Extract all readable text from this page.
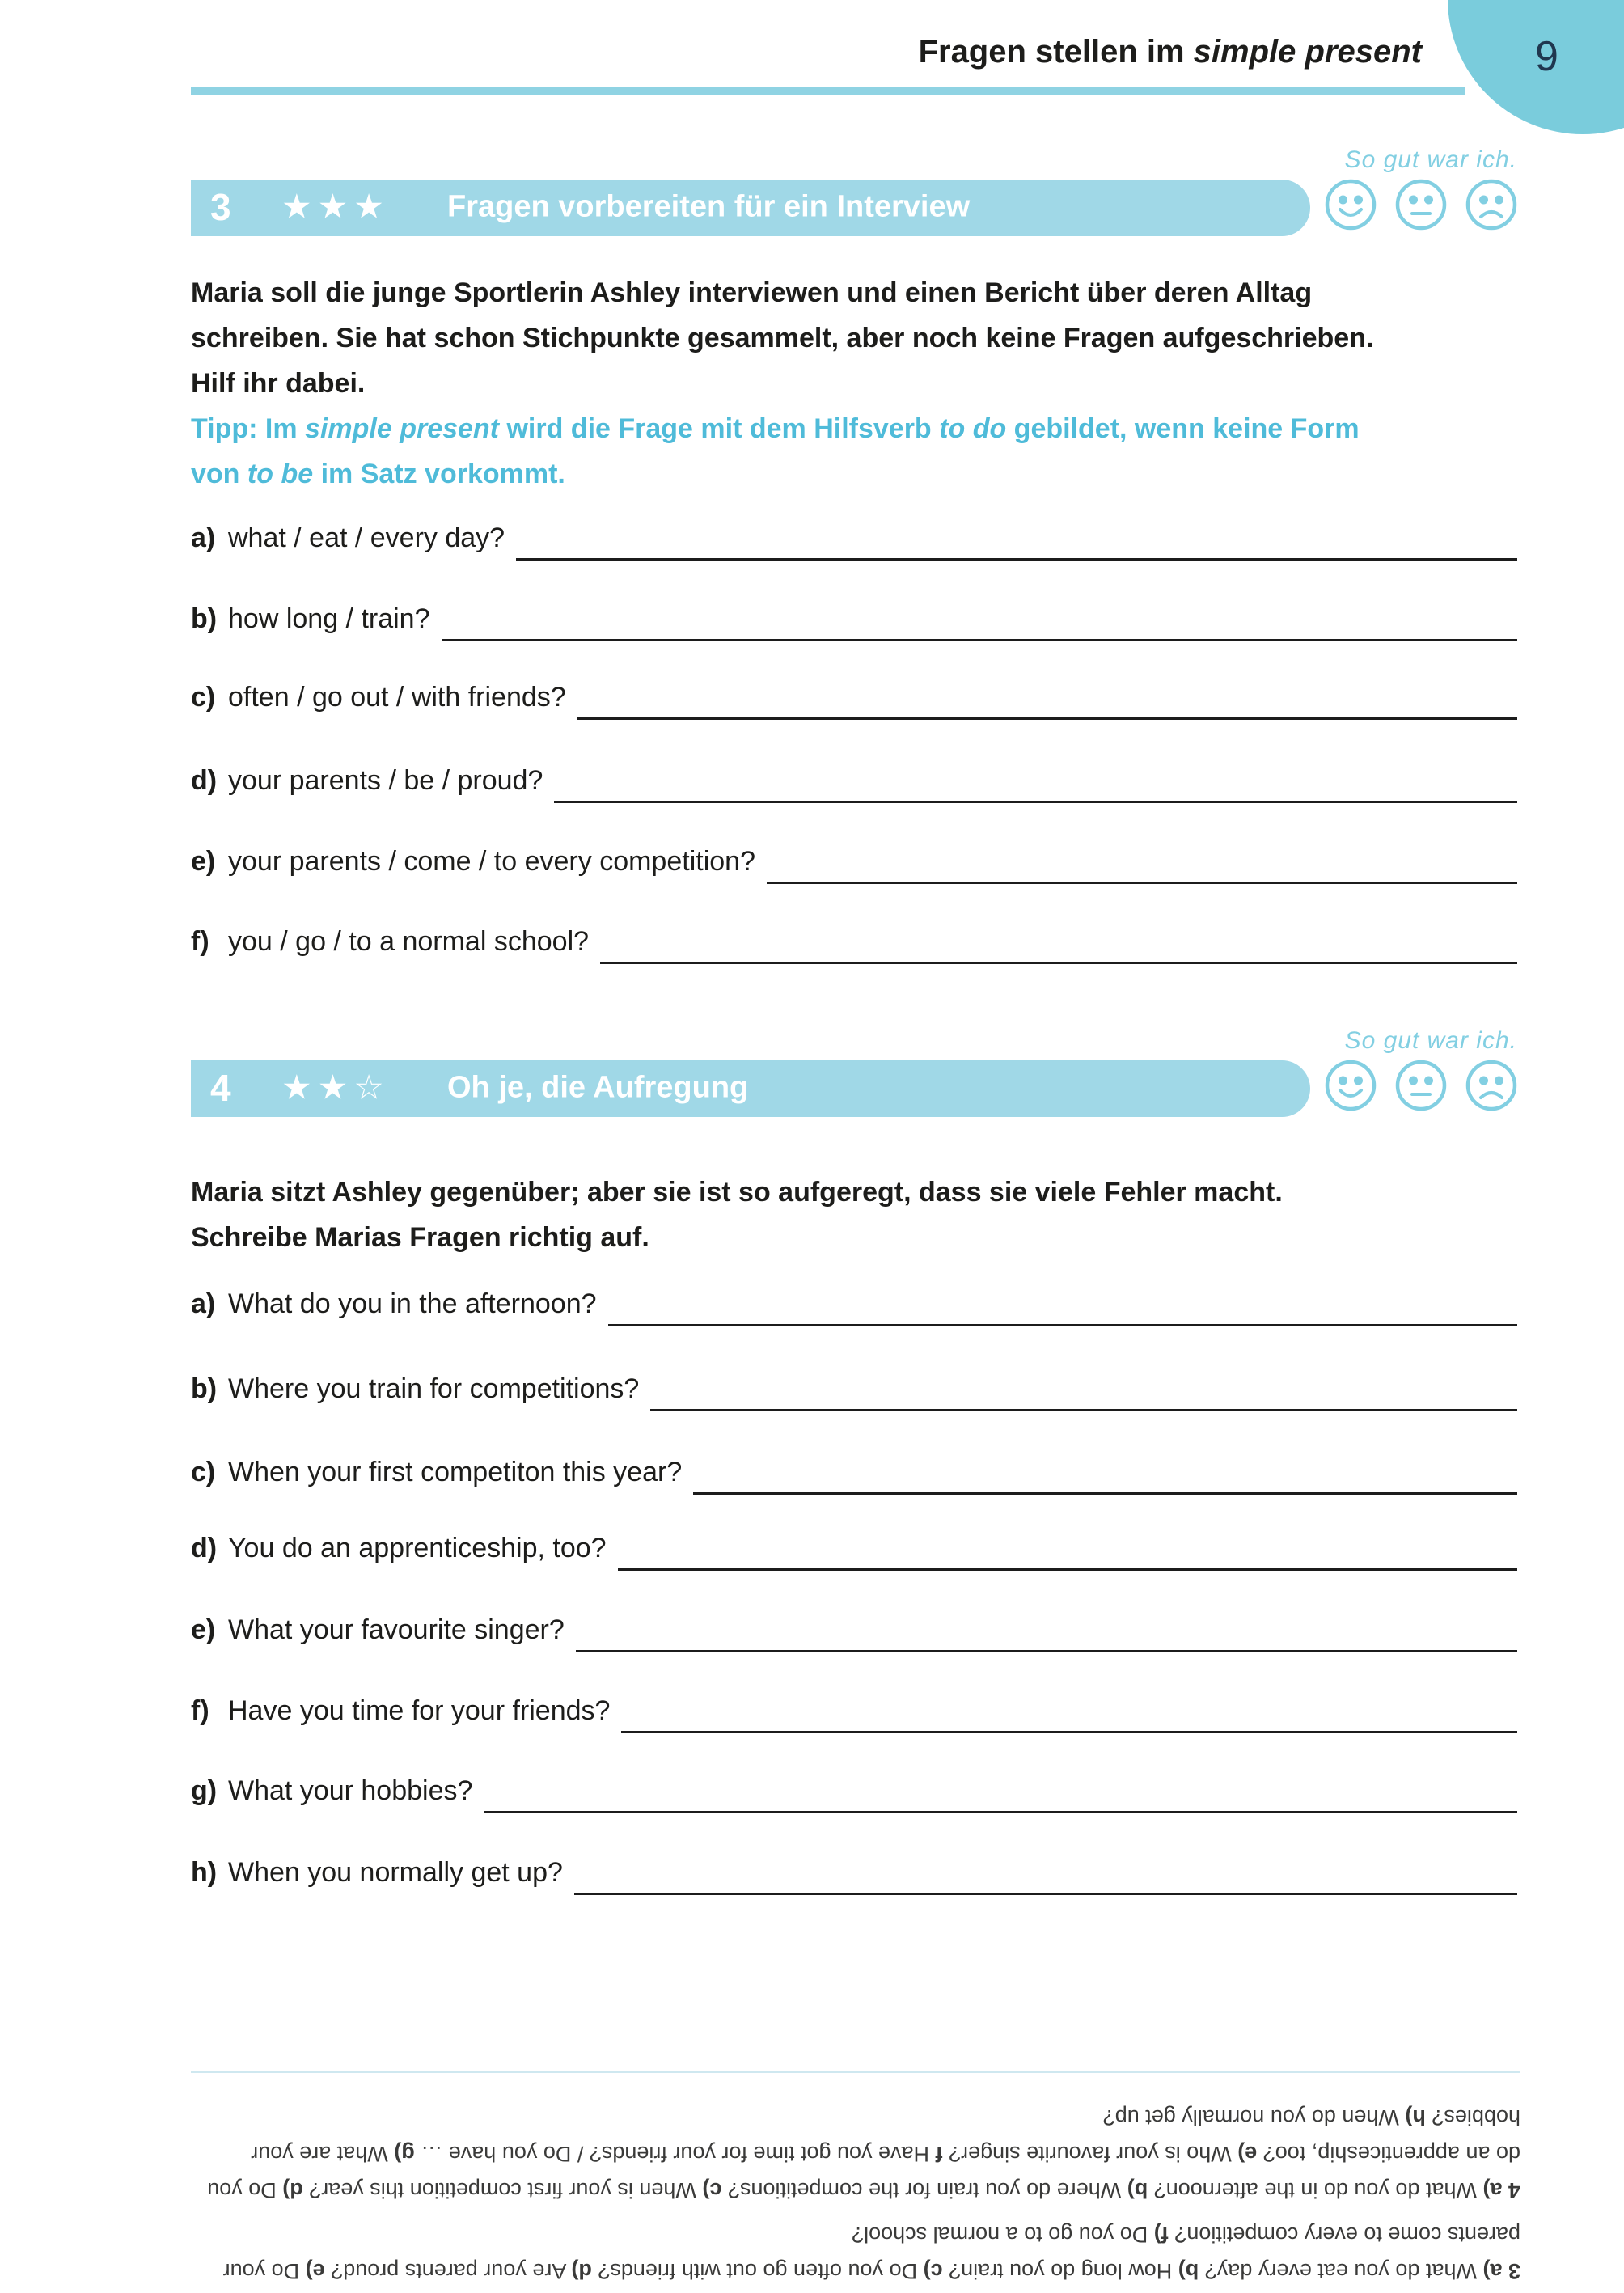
Fragen stellen im simple present	9
3 ★★★ Fragen vorbereiten für ein Interview
So gut war ich.
Maria soll die junge Sportlerin Ashley interviewen und einen Bericht über deren Alltag
schreiben. Sie hat schon Stichpunkte gesammelt, aber noch keine Fragen aufgeschrieben.
Hilf ihr dabei.
Tipp: Im simple present wird die Frage mit dem Hilfsverb to do gebildet, wenn keine Form
von to be im Satz vorkommt.
a) what / eat / every day?
b) how long / train?
c) often / go out / with friends?
d) your parents / be / proud?
e) your parents / come / to every competition?
f) you / go / to a normal school?
4 ★★☆ Oh je, die Aufregung
So gut war ich.
Maria sitzt Ashley gegenüber; aber sie ist so aufgeregt, dass sie viele Fehler macht.
Schreibe Marias Fragen richtig auf.
a) What do you in the afternoon?
b) Where you train for competitions?
c) When your first competiton this year?
d) You do an apprenticeship, too?
e) What your favourite singer?
f) Have you time for your friends?
g) What your hobbies?
h) When you normally get up?

3 a) What do you eat every day? b) How long do you train? c) Do you often go out with friends? d) Are your parents proud? e) Do your parents come to every competition? f) Do you go to a normal school?

4 a) What do you do in the afternoon? b) Where do you train for the competitions? c) When is your first competition this year? d) Do you do an apprenticeship, too? e) Who is your favourite singer? f Have you got time for your friends? / Do you have … g) What are your hobbies? h) When do you normally get up?
